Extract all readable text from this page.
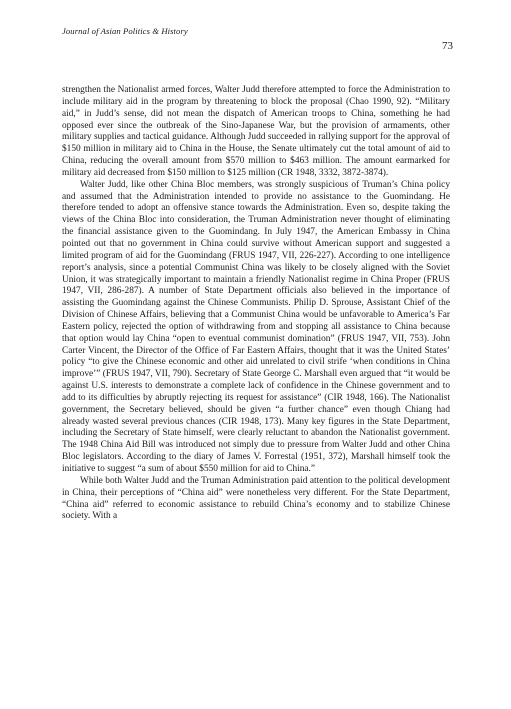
Journal of Asian Politics & History
73

strengthen the Nationalist armed forces, Walter Judd therefore attempted to force the Administration to include military aid in the program by threatening to block the proposal (Chao 1990, 92). “Military aid,” in Judd’s sense, did not mean the dispatch of American troops to China, something he had opposed ever since the outbreak of the Sino-Japanese War, but the provision of armaments, other military supplies and tactical guidance. Although Judd succeeded in rallying support for the approval of $150 million in military aid to China in the House, the Senate ultimately cut the total amount of aid to China, reducing the overall amount from $570 million to $463 million. The amount earmarked for military aid decreased from $150 million to $125 million (CR 1948, 3332, 3872-3874).

Walter Judd, like other China Bloc members, was strongly suspicious of Truman’s China policy and assumed that the Administration intended to provide no assistance to the Guomindang. He therefore tended to adopt an offensive stance towards the Administration. Even so, despite taking the views of the China Bloc into consideration, the Truman Administration never thought of eliminating the financial assistance given to the Guomindang. In July 1947, the American Embassy in China pointed out that no government in China could survive without American support and suggested a limited program of aid for the Guomindang (FRUS 1947, VII, 226-227). According to one intelligence report’s analysis, since a potential Communist China was likely to be closely aligned with the Soviet Union, it was strategically important to maintain a friendly Nationalist regime in China Proper (FRUS 1947, VII, 286-287). A number of State Department officials also believed in the importance of assisting the Guomindang against the Chinese Communists. Philip D. Sprouse, Assistant Chief of the Division of Chinese Affairs, believing that a Communist China would be unfavorable to America’s Far Eastern policy, rejected the option of withdrawing from and stopping all assistance to China because that option would lay China “open to eventual communist domination” (FRUS 1947, VII, 753). John Carter Vincent, the Director of the Office of Far Eastern Affairs, thought that it was the United States’ policy “to give the Chinese economic and other aid unrelated to civil strife ‘when conditions in China improve’” (FRUS 1947, VII, 790). Secretary of State George C. Marshall even argued that “it would be against U.S. interests to demonstrate a complete lack of confidence in the Chinese government and to add to its difficulties by abruptly rejecting its request for assistance” (CIR 1948, 166). The Nationalist government, the Secretary believed, should be given “a further chance” even though Chiang had already wasted several previous chances (CIR 1948, 173). Many key figures in the State Department, including the Secretary of State himself, were clearly reluctant to abandon the Nationalist government. The 1948 China Aid Bill was introduced not simply due to pressure from Walter Judd and other China Bloc legislators. According to the diary of James V. Forrestal (1951, 372), Marshall himself took the initiative to suggest “a sum of about $550 million for aid to China.”

While both Walter Judd and the Truman Administration paid attention to the political development in China, their perceptions of “China aid” were nonetheless very different. For the State Department, “China aid” referred to economic assistance to rebuild China’s economy and to stabilize Chinese society. With a
